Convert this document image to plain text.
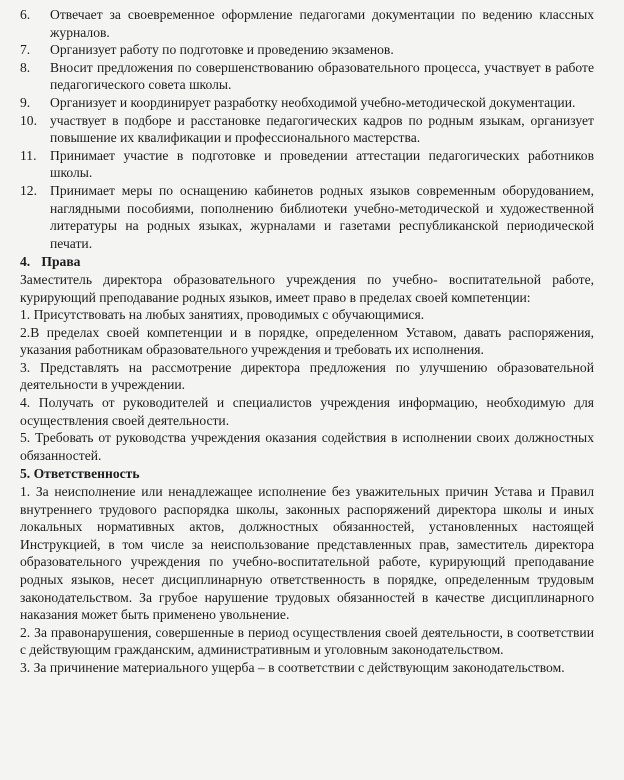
6.	Отвечает за своевременное оформление педагогами документации по ведению классных журналов.
7.	Организует работу по подготовке и проведению экзаменов.
8.	Вносит предложения по совершенствованию образовательного процесса, участвует в работе педагогического совета школы.
9.	Организует и координирует разработку необходимой учебно-методической документации.
10. участвует в подборе и расстановке педагогических кадров по родным языкам, организует повышение их квалификации и профессионального мастерства.
11. Принимает участие в подготовке и проведении аттестации педагогических работников школы.
12. Принимает меры по оснащению кабинетов родных языков современным оборудованием, наглядными пособиями, пополнению библиотеки учебно-методической и художественной литературы на родных языках, журналами и газетами республиканской периодической печати.
4. Права

Заместитель директора образовательного учреждения по учебно- воспитательной работе, курирующий преподавание родных языков, имеет право в пределах своей компетенции:

1. Присутствовать на любых занятиях, проводимых с обучающимися.

2.В пределах своей компетенции и в порядке, определенном Уставом, давать распоряжения, указания работникам образовательного учреждения и требовать их исполнения.

3. Представлять на рассмотрение директора предложения по улучшению образовательной деятельности в учреждении.

4. Получать от руководителей и специалистов учреждения информацию, необходимую для осуществления своей деятельности.

5. Требовать от руководства учреждения оказания содействия в исполнении своих должностных обязанностей.

5. Ответственность

1. За неисполнение или ненадлежащее исполнение без уважительных причин Устава и Правил внутреннего трудового распорядка школы, законных распоряжений директора школы и иных локальных нормативных актов, должностных обязанностей, установленных настоящей Инструкцией, в том числе за неиспользование представленных прав, заместитель директора образовательного учреждения по учебно-воспитательной работе, курирующий преподавание родных языков, несет дисциплинарную ответственность в порядке, определенным трудовым законодательством. За грубое нарушение трудовых обязанностей в качестве дисциплинарного наказания может быть применено увольнение.

2. За правонарушения, совершенные в период осуществления своей деятельности, в соответствии с действующим гражданским, административным и уголовным законодательством.

3. За причинение материального ущерба – в соответствии с действующим законодательством.
